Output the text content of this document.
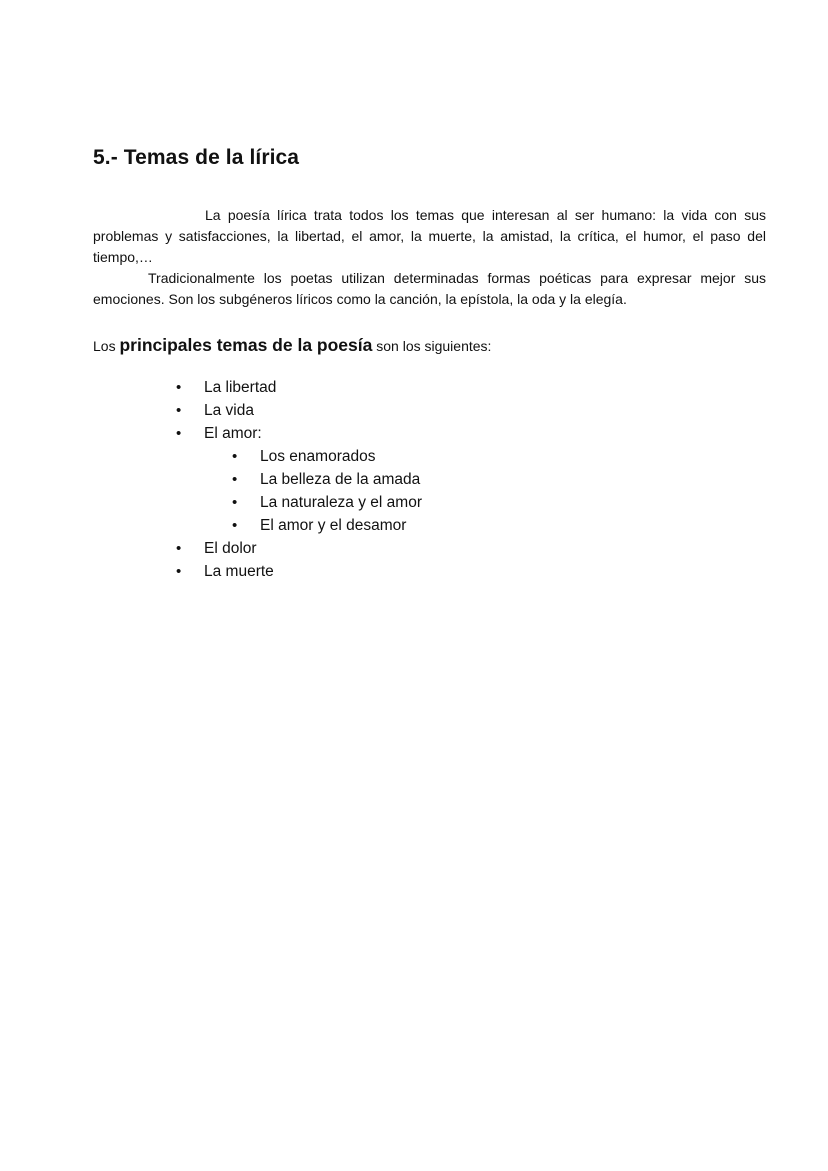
5.- Temas de la lírica

La poesía lírica trata todos los temas que interesan al ser humano: la vida con sus problemas y satisfacciones, la libertad, el amor, la muerte, la amistad, la crítica, el humor, el paso del tiempo,…

Tradicionalmente los poetas utilizan determinadas formas poéticas para expresar mejor sus emociones. Son los subgéneros líricos como la canción, la epístola, la oda y la elegía.

Los principales temas de la poesía son los siguientes:

• La libertad
• La vida
• El amor:
• Los enamorados
• La belleza de la amada
• La naturaleza y el amor
• El amor y el desamor
• El dolor
• La muerte
